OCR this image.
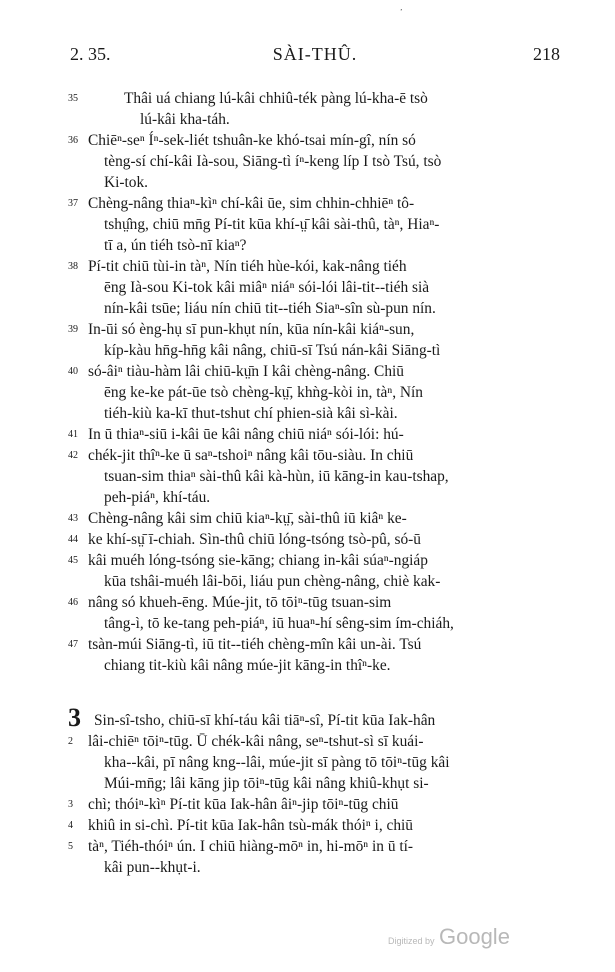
ʼ
2. 35.	SÀI-THÛ.	218
35	Thâi uá chiang lú-kâi chhiû-ték pàng lú-kha-ē tsò
lú-kâi kha-táh.
36 Chiēⁿ-seⁿ Íⁿ-sek-liét tshuân-ke khó-tsai mín-gî, nín só
tèng-sí chí-kâi Ià-sou, Siāng-tì íⁿ-keng líp I tsò Tsú, tsò
Ki-tok.
37 Chèng-nâng thiaⁿ-kìⁿ chí-kâi ūe, sim chhin-chhiēⁿ tô-
tshṳ̂ng, chiū mn̄g Pí-tit kūa khí-ṳ̄ kâi sài-thû, tàⁿ, Hiaⁿ-
tī a, ún tiéh tsò-nī kiaⁿ?
38 Pí-tit chiū tùi-in tàⁿ, Nín tiéh hùe-kói, kak-nâng tiéh
ēng Ià-sou Ki-tok kâi miâⁿ niáⁿ sói-lói lâi-tit--tiéh sià
nín-kâi tsūe; liáu nín chiū tit--tiéh Siaⁿ-sîn sù-pun nín.
39 In-ūi só èng-hụ sī pun-khụt nín, kūa nín-kâi kiáⁿ-sun,
kíp-kàu hn̄g-hn̄g kâi nâng, chiū-sī Tsú nán-kâi Siāng-tì
40 só-âiⁿ tiàu-hàm lâi chiū-kṳ̄n I kâi chèng-nâng. Chiū
ēng ke-ke pát-ūe tsò chèng-kṳ̄, khǹg-kòi in, tàⁿ, Nín
tiéh-kiù ka-kī thut-tshut chí phien-sià kâi sì-kài.
41 In ū thiaⁿ-siū i-kâi ūe kâi nâng chiū niáⁿ sói-lói: hú-
42 chék-jit thîⁿ-ke ū saⁿ-tshoiⁿ nâng kâi tōu-siàu. In chiū
tsuan-sim thiaⁿ sài-thû kâi kà-hùn, iū kāng-in kau-tshap,
peh-piáⁿ, khí-táu.
43 Chèng-nâng kâi sim chiū kiaⁿ-kṳ̄, sài-thû iū kiâⁿ ke-
44 ke khí-sṳ̄ ī-chiah. Sìn-thû chiū lóng-tsóng tsò-pû, só-ū
45 kâi muéh lóng-tsóng sie-kāng; chiang in-kâi súaⁿ-ngiáp
kūa tshâi-muéh lâi-bōi, liáu pun chèng-nâng, chiè kak-
46 nâng só khueh-ēng. Múe-jit, tō tōiⁿ-tūg tsuan-sim
tâng-ì, tō ke-tang peh-piáⁿ, iū huaⁿ-hí sêng-sim ím-chiáh,
47 tsàn-múi Siāng-tì, iū tit--tiéh chèng-mîn kâi un-ài. Tsú
chiang tit-kiù kâi nâng múe-jit kāng-in thîⁿ-ke.
3 Sin-sî-tsho, chiū-sī khí-táu kâi tiāⁿ-sî, Pí-tit kūa Iak-hân
2 lâi-chiēⁿ tōiⁿ-tūg. Ū chék-kâi nâng, seⁿ-tshut-sì sī kuái-
kha--kâi, pī nâng kng--lâi, múe-jit sī pàng tō tōiⁿ-tūg kâi
Múi-mn̄g; lâi kāng jip tōiⁿ-tūg kâi nâng khiû-khụt si-
3 chì; thóiⁿ-kìⁿ Pí-tit kūa Iak-hân âiⁿ-jip tōiⁿ-tūg chiū
4 khiû in si-chì. Pí-tit kūa Iak-hân tsù-mák thóiⁿ i, chiū
5 tàⁿ, Tiéh-thóiⁿ ún. I chiū hiàng-mōⁿ in, hi-mōⁿ in ū tí-
kâi pun--khụt-i.
Digitized by Google
